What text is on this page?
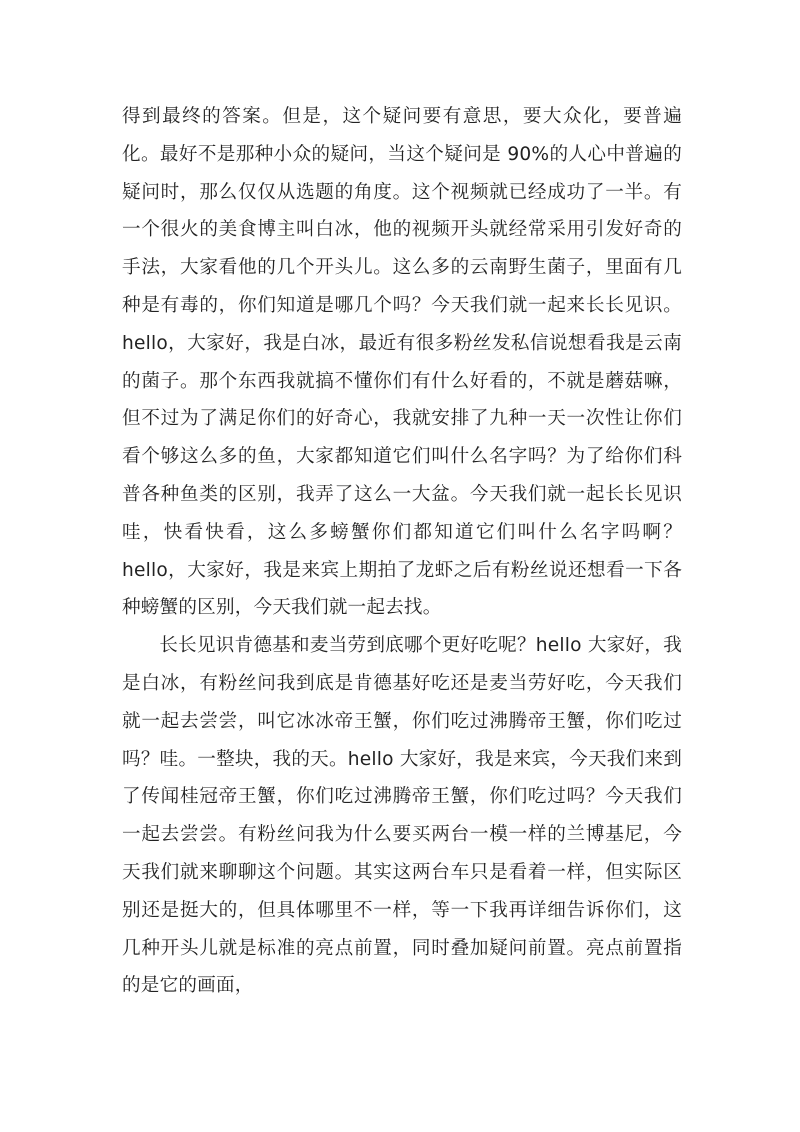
得到最终的答案。但是，这个疑问要有意思，要大众化，要普遍化。最好不是那种小众的疑问，当这个疑问是 90%的人心中普遍的疑问时，那么仅仅从选题的角度。这个视频就已经成功了一半。有一个很火的美食博主叫白冰，他的视频开头就经常采用引发好奇的手法，大家看他的几个开头儿。这么多的云南野生菌子，里面有几种是有毒的，你们知道是哪几个吗？今天我们就一起来长长见识。hello，大家好，我是白冰，最近有很多粉丝发私信说想看我是云南的菌子。那个东西我就搞不懂你们有什么好看的，不就是蘑菇嘛，但不过为了满足你们的好奇心，我就安排了九种一天一次性让你们看个够这么多的鱼，大家都知道它们叫什么名字吗？为了给你们科普各种鱼类的区别，我弄了这么一大盆。今天我们就一起长长见识哇，快看快看，这么多螃蟹你们都知道它们叫什么名字吗啊？hello，大家好，我是来宾上期拍了龙虾之后有粉丝说还想看一下各种螃蟹的区别，今天我们就一起去找。

长长见识肯德基和麦当劳到底哪个更好吃呢？hello 大家好，我是白冰，有粉丝问我到底是肯德基好吃还是麦当劳好吃，今天我们就一起去尝尝，叫它冰冰帝王蟹，你们吃过沸腾帝王蟹，你们吃过吗？哇。一整块，我的天。hello 大家好，我是来宾，今天我们来到了传闻桂冠帝王蟹，你们吃过沸腾帝王蟹，你们吃过吗？今天我们一起去尝尝。有粉丝问我为什么要买两台一模一样的兰博基尼，今天我们就来聊聊这个问题。其实这两台车只是看着一样，但实际区别还是挺大的，但具体哪里不一样，等一下我再详细告诉你们，这几种开头儿就是标准的亮点前置，同时叠加疑问前置。亮点前置指的是它的画面，
